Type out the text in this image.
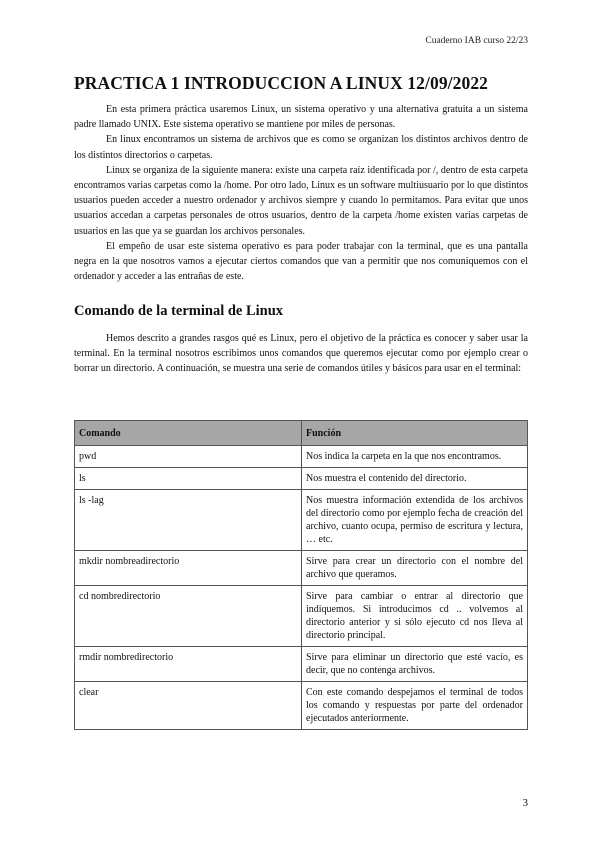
Cuaderno IAB curso 22/23
PRACTICA 1 INTRODUCCION A LINUX 12/09/2022

En esta primera práctica usaremos Linux, un sistema operativo y una alternativa gratuita a un sistema padre llamado UNIX. Este sistema operativo se mantiene por miles de personas.

En linux encontramos un sistema de archivos que es como se organizan los distintos archivos dentro de los distintos directorios o carpetas.

Linux se organiza de la siguiente manera: existe una carpeta raíz identificada por /, dentro de esta carpeta encontramos varias carpetas como la /home. Por otro lado, Linux es un software multiusuario por lo que distintos usuarios pueden acceder a nuestro ordenador y archivos siempre y cuando lo permitamos. Para evitar que unos usuarios accedan a carpetas personales de otros usuarios, dentro de la carpeta /home existen varias carpetas de usuarios en las que ya se guardan los archivos personales.

El empeño de usar este sistema operativo es para poder trabajar con la terminal, que es una pantalla negra en la que nosotros vamos a ejecutar ciertos comandos que van a permitir que nos comuniquemos con el ordenador y acceder a las entrañas de este.

Comando de la terminal de Linux

Hemos descrito a grandes rasgos qué es Linux, pero el objetivo de la práctica es conocer y saber usar la terminal. En la terminal nosotros escribimos unos comandos que queremos ejecutar como por ejemplo crear o borrar un directorio. A continuación, se muestra una serie de comandos útiles y básicos para usar en el terminal:

Comando	Función
pwd	Nos indica la carpeta en la que nos encontramos.
ls	Nos muestra el contenido del directorio.
ls -lag	Nos muestra información extendida de los archivos del directorio como por ejemplo fecha de creación del archivo, cuanto ocupa, permiso de escritura y lectura, … etc.
mkdir nombreadirectorio	Sirve para crear un directorio con el nombre del archivo que queramos.
cd nombredirectorio	Sirve para cambiar o entrar al directorio que indiquemos. Si introducimos cd .. volvemos al directorio anterior y si sólo ejecuto cd nos lleva al directorio principal.
rmdir nombredirectorio	Sirve para eliminar un directorio que esté vacío, es decir, que no contenga archivos.
clear	Con este comando despejamos el terminal de todos los comando y respuestas por parte del ordenador ejecutados anteriormente.
3
